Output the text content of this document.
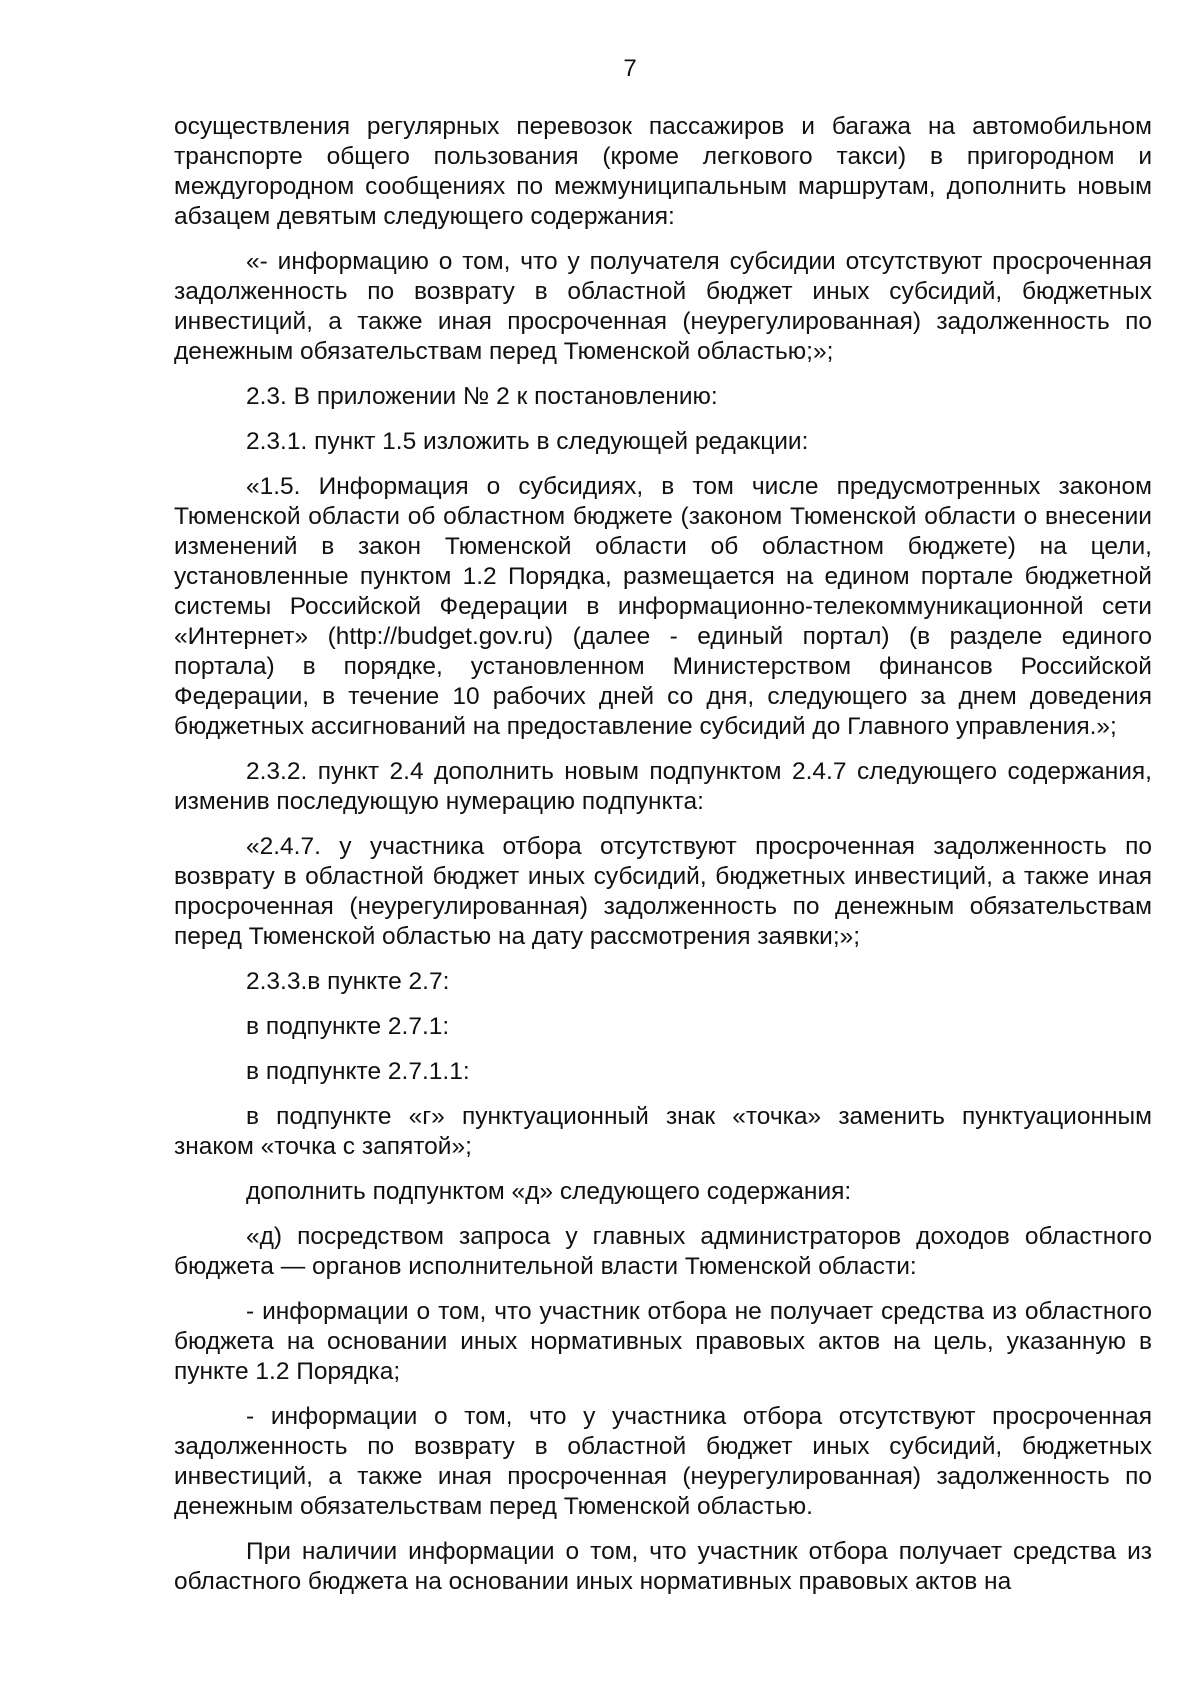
7

осуществления регулярных перевозок пассажиров и багажа на автомобильном транспорте общего пользования (кроме легкового такси) в пригородном и междугородном сообщениях по межмуниципальным маршрутам, дополнить новым абзацем девятым следующего содержания:

«- информацию о том, что у получателя субсидии отсутствуют просроченная задолженность по возврату в областной бюджет иных субсидий, бюджетных инвестиций, а также иная просроченная (неурегулированная) задолженность по денежным обязательствам перед Тюменской областью;»;

2.3. В приложении № 2 к постановлению:

2.3.1. пункт 1.5 изложить в следующей редакции:

«1.5. Информация о субсидиях, в том числе предусмотренных законом Тюменской области об областном бюджете (законом Тюменской области о внесении изменений в закон Тюменской области об областном бюджете) на цели, установленные пунктом 1.2 Порядка, размещается на едином портале бюджетной системы Российской Федерации в информационно-телекоммуникационной сети «Интернет» (http://budget.gov.ru) (далее - единый портал) (в разделе единого портала) в порядке, установленном Министерством финансов Российской Федерации, в течение 10 рабочих дней со дня, следующего за днем доведения бюджетных ассигнований на предоставление субсидий до Главного управления.»;

2.3.2. пункт 2.4 дополнить новым подпунктом 2.4.7 следующего содержания, изменив последующую нумерацию подпункта:

«2.4.7. у участника отбора отсутствуют просроченная задолженность по возврату в областной бюджет иных субсидий, бюджетных инвестиций, а также иная просроченная (неурегулированная) задолженность по денежным обязательствам перед Тюменской областью на дату рассмотрения заявки;»;

2.3.3.в пункте 2.7:

в подпункте 2.7.1:

в подпункте 2.7.1.1:

в подпункте «г» пунктуационный знак «точка» заменить пунктуационным знаком «точка с запятой»;

дополнить подпунктом «д» следующего содержания:

«д) посредством запроса у главных администраторов доходов областного бюджета — органов исполнительной власти Тюменской области:

- информации о том, что участник отбора не получает средства из областного бюджета на основании иных нормативных правовых актов на цель, указанную в пункте 1.2 Порядка;

- информации о том, что у участника отбора отсутствуют просроченная задолженность по возврату в областной бюджет иных субсидий, бюджетных инвестиций, а также иная просроченная (неурегулированная) задолженность по денежным обязательствам перед Тюменской областью.

При наличии информации о том, что участник отбора получает средства из областного бюджета на основании иных нормативных правовых актов на
